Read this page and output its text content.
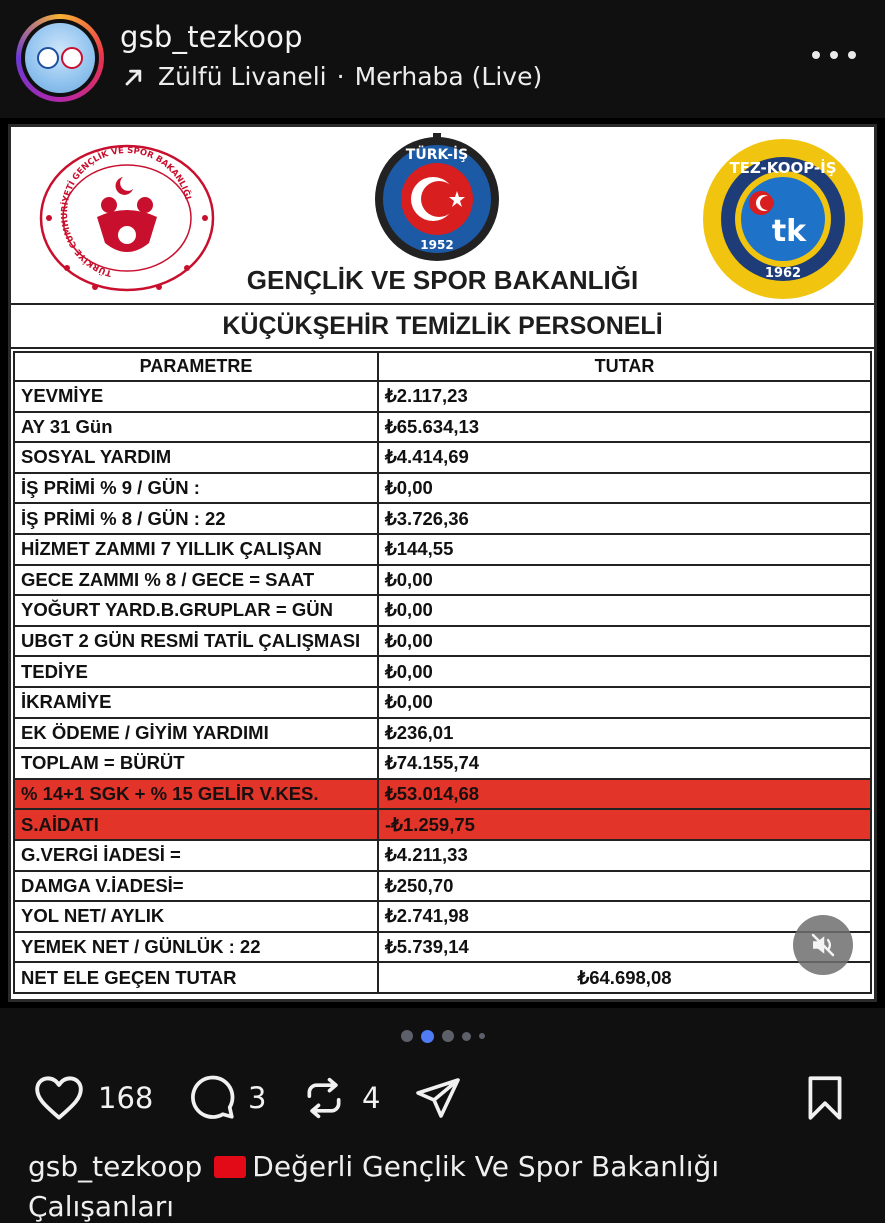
gsb_tezkoop
Zülfü Livaneli · Merhaba (Live)
TÜRKİYE CUMHURİYETİ GENÇLİK VE SPOR BAKANLIĞI
TÜRK-İŞ
1952
TEZ-KOOP-İŞ
tk
1962
GENÇLİK VE SPOR BAKANLIĞI
KÜÇÜKŞEHİR TEMİZLİK PERSONELİ
PARAMETRE	TUTAR
YEVMİYE	₺2.117,23
AY 31 Gün	₺65.634,13
SOSYAL YARDIM	₺4.414,69
İŞ PRİMİ % 9 / GÜN :	₺0,00
İŞ PRİMİ % 8 / GÜN : 22	₺3.726,36
HİZMET ZAMMI 7 YILLIK ÇALIŞAN	₺144,55
GECE ZAMMI % 8 / GECE = SAAT	₺0,00
YOĞURT YARD.B.GRUPLAR = GÜN	₺0,00
UBGT 2 GÜN RESMİ TATİL ÇALIŞMASI	₺0,00
TEDİYE	₺0,00
İKRAMİYE	₺0,00
EK ÖDEME / GİYİM YARDIMI	₺236,01
TOPLAM = BÜRÜT	₺74.155,74
% 14+1 SGK + % 15 GELİR V.KES.	₺53.014,68
S.AİDATI	-₺1.259,75
G.VERGİ İADESİ =	₺4.211,33
DAMGA V.İADESİ=	₺250,70
YOL NET/ AYLIK	₺2.741,98
YEMEK NET / GÜNLÜK : 22	₺5.739,14
NET ELE GEÇEN TUTAR	₺64.698,08
168	3	4
gsb_tezkoop Değerli Gençlik Ve Spor Bakanlığı
Çalışanları
